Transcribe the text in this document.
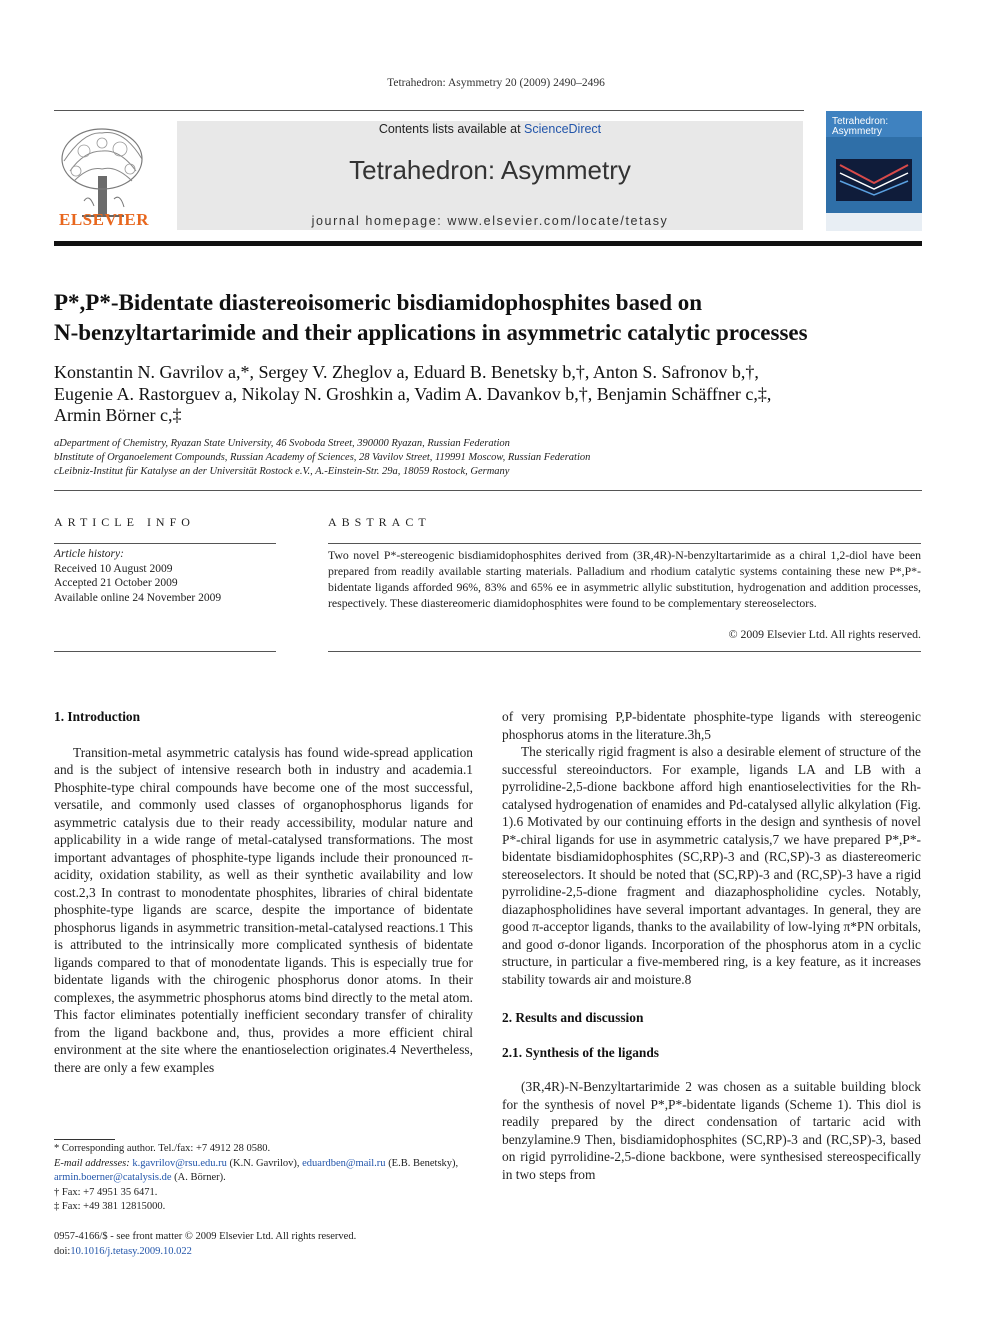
Tetrahedron: Asymmetry 20 (2009) 2490–2496
ELSEVIER
Contents lists available at ScienceDirect
Tetrahedron: Asymmetry
journal homepage: www.elsevier.com/locate/tetasy
Tetrahedron: Asymmetry
P*,P*-Bidentate diastereoisomeric bisdiamidophosphites based on
N-benzyltartarimide and their applications in asymmetric catalytic processes
Konstantin N. Gavrilov a,*, Sergey V. Zheglov a, Eduard B. Benetsky b,†, Anton S. Safronov b,†,
Eugenie A. Rastorguev a, Nikolay N. Groshkin a, Vadim A. Davankov b,†, Benjamin Schäffner c,‡,
Armin Börner c,‡
aDepartment of Chemistry, Ryazan State University, 46 Svoboda Street, 390000 Ryazan, Russian Federation
bInstitute of Organoelement Compounds, Russian Academy of Sciences, 28 Vavilov Street, 119991 Moscow, Russian Federation
cLeibniz-Institut für Katalyse an der Universität Rostock e.V., A.-Einstein-Str. 29a, 18059 Rostock, Germany
ARTICLE INFO
Article history:
Received 10 August 2009
Accepted 21 October 2009
Available online 24 November 2009
ABSTRACT
Two novel P*-stereogenic bisdiamidophosphites derived from (3R,4R)-N-benzyltartarimide as a chiral 1,2-diol have been prepared from readily available starting materials. Palladium and rhodium catalytic systems containing these new P*,P*-bidentate ligands afforded 96%, 83% and 65% ee in asymmetric allylic substitution, hydrogenation and addition processes, respectively. These diastereomeric diamidophosphites were found to be complementary stereoselectors.
© 2009 Elsevier Ltd. All rights reserved.
1. Introduction

Transition-metal asymmetric catalysis has found wide-spread application and is the subject of intensive research both in industry and academia.1 Phosphite-type chiral compounds have become one of the most successful, versatile, and commonly used classes of organophosphorus ligands for asymmetric catalysis due to their ready accessibility, modular nature and applicability in a wide range of metal-catalysed transformations. The most important advantages of phosphite-type ligands include their pronounced π-acidity, oxidation stability, as well as their synthetic availability and low cost.2,3 In contrast to monodentate phosphites, libraries of chiral bidentate phosphite-type ligands are scarce, despite the importance of bidentate phosphorus ligands in asymmetric transition-metal-catalysed reactions.1 This is attributed to the intrinsically more complicated synthesis of bidentate ligands compared to that of monodentate ligands. This is especially true for bidentate ligands with the chirogenic phosphorus donor atoms. In their complexes, the asymmetric phosphorus atoms bind directly to the metal atom. This factor eliminates potentially inefficient secondary transfer of chirality from the ligand backbone and, thus, provides a more efficient chiral environment at the site where the enantioselection originates.4 Nevertheless, there are only a few examples

of very promising P,P-bidentate phosphite-type ligands with stereogenic phosphorus atoms in the literature.3h,5

The sterically rigid fragment is also a desirable element of structure of the successful stereoinductors. For example, ligands LA and LB with a pyrrolidine-2,5-dione backbone afford high enantioselectivities for the Rh-catalysed hydrogenation of enamides and Pd-catalysed allylic alkylation (Fig. 1).6 Motivated by our continuing efforts in the design and synthesis of novel P*-chiral ligands for use in asymmetric catalysis,7 we have prepared P*,P*-bidentate bisdiamidophosphites (SC,RP)-3 and (RC,SP)-3 as diastereomeric stereoselectors. It should be noted that (SC,RP)-3 and (RC,SP)-3 have a rigid pyrrolidine-2,5-dione fragment and diazaphospholidine cycles. Notably, diazaphospholidines have several important advantages. In general, they are good π-acceptor ligands, thanks to the availability of low-lying π*PN orbitals, and good σ-donor ligands. Incorporation of the phosphorus atom in a cyclic structure, in particular a five-membered ring, is a key feature, as it increases stability towards air and moisture.8

2. Results and discussion
2.1. Synthesis of the ligands

(3R,4R)-N-Benzyltartarimide 2 was chosen as a suitable building block for the synthesis of novel P*,P*-bidentate ligands (Scheme 1). This diol is readily prepared by the direct condensation of tartaric acid with benzylamine.9 Then, bisdiamidophosphites (SC,RP)-3 and (RC,SP)-3, based on rigid pyrrolidine-2,5-dione backbone, were synthesised stereospecifically in two steps from

* Corresponding author. Tel./fax: +7 4912 28 0580.
E-mail addresses: k.gavrilov@rsu.edu.ru (K.N. Gavrilov), eduardben@mail.ru (E.B. Benetsky), armin.boerner@catalysis.de (A. Börner).
† Fax: +7 4951 35 6471.
‡ Fax: +49 381 12815000.
0957-4166/$ - see front matter © 2009 Elsevier Ltd. All rights reserved.
doi:10.1016/j.tetasy.2009.10.022
